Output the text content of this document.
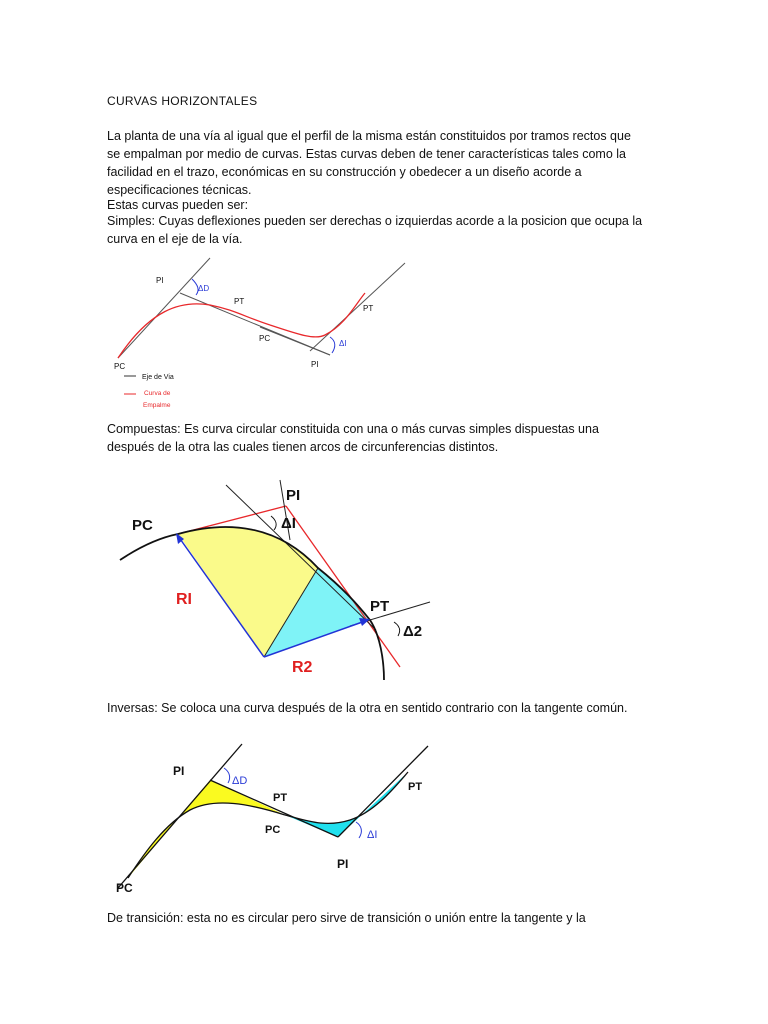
CURVAS HORIZONTALES
La planta de una vía al igual que el perfil de la misma están constituidos por tramos rectos que se empalman por medio de curvas. Estas curvas deben de tener características tales como la facilidad en el trazo, económicas en su construcción y obedecer a un diseño acorde a especificaciones técnicas.
Estas curvas pueden ser:
Simples: Cuyas deflexiones pueden ser derechas o izquierdas acorde a la posicion que ocupa la curva en el eje de la vía.
PI
ΔD
PT
PT
PC
ΔI
PI
PC
Eje de Via
Curva de
Empalme
Compuestas: Es curva circular constituida con una o más curvas simples dispuestas una después de la otra las cuales tienen arcos de circunferencias distintos.
PC
PI
ΔI
PT
Δ2
RI
R2
Inversas: Se coloca una curva después de la otra en sentido contrario con la tangente común.
PI
ΔD
PT
PT
PC	ΔI
PI
PC
De transición: esta no es circular pero sirve de transición o unión entre la tangente y la
